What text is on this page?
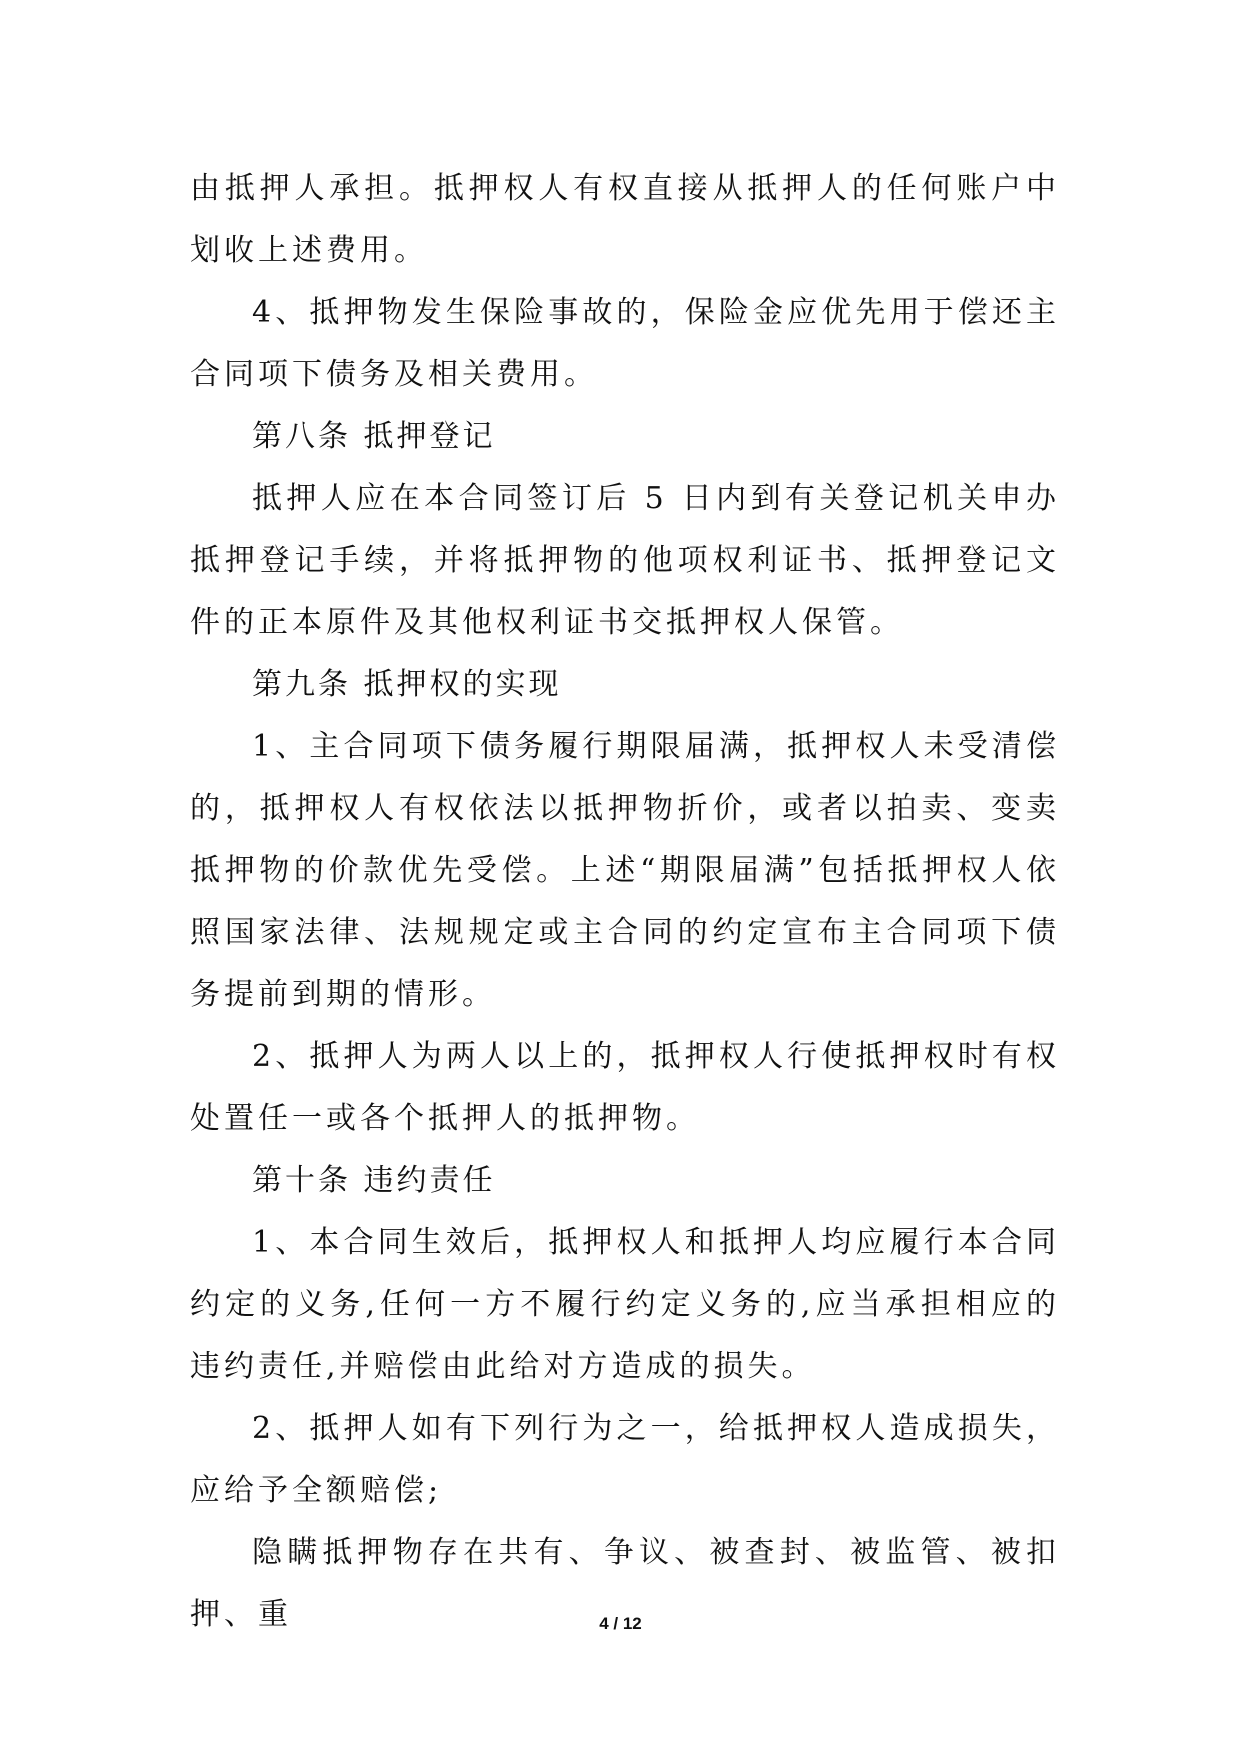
由抵押人承担。抵押权人有权直接从抵押人的任何账户中划收上述费用。

4、抵押物发生保险事故的，保险金应优先用于偿还主合同项下债务及相关费用。

第八条 抵押登记

抵押人应在本合同签订后 5 日内到有关登记机关申办抵押登记手续，并将抵押物的他项权利证书、抵押登记文件的正本原件及其他权利证书交抵押权人保管。

第九条 抵押权的实现

1、主合同项下债务履行期限届满，抵押权人未受清偿的，抵押权人有权依法以抵押物折价，或者以拍卖、变卖抵押物的价款优先受偿。上述“期限届满”包括抵押权人依照国家法律、法规规定或主合同的约定宣布主合同项下债务提前到期的情形。

2、抵押人为两人以上的，抵押权人行使抵押权时有权处置任一或各个抵押人的抵押物。

第十条 违约责任

1、本合同生效后，抵押权人和抵押人均应履行本合同约定的义务,任何一方不履行约定义务的,应当承担相应的违约责任,并赔偿由此给对方造成的损失。

2、抵押人如有下列行为之一，给抵押权人造成损失，应给予全额赔偿;

隐瞒抵押物存在共有、争议、被查封、被监管、被扣押、重	4 / 12
